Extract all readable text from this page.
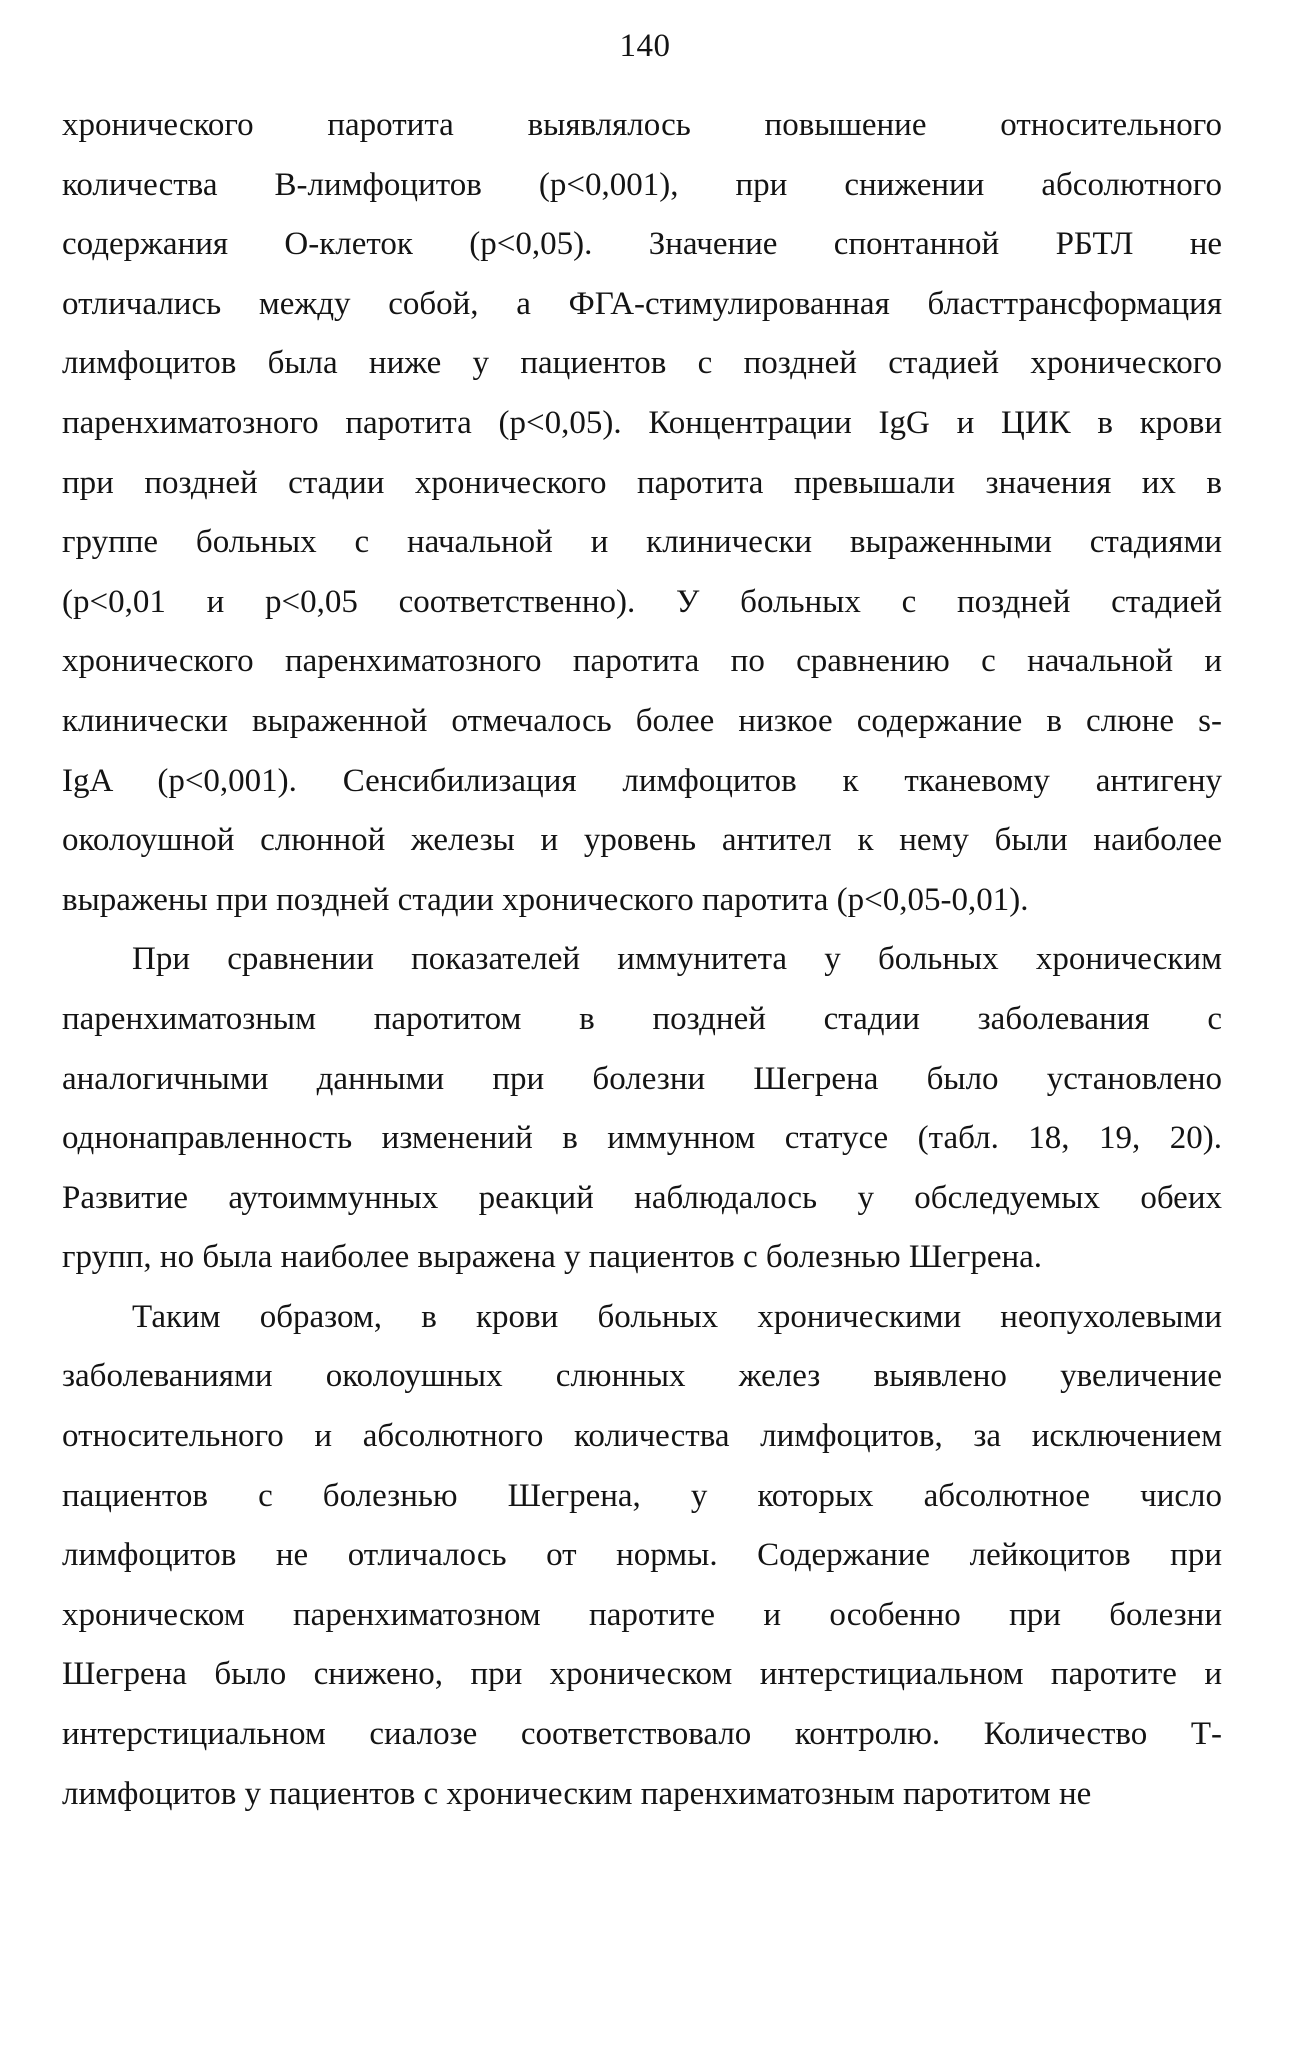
140
хронического паротита выявлялось повышение относительного
количества В-лимфоцитов (р<0,001), при снижении абсолютного
содержания О-клеток (р<0,05). Значение спонтанной РБТЛ не
отличались между собой, а ФГА-стимулированная бласттрансформация
лимфоцитов была ниже у пациентов с поздней стадией хронического
паренхиматозного паротита (р<0,05). Концентрации IgG и ЦИК в крови
при поздней стадии хронического паротита превышали значения их в
группе больных с начальной и клинически выраженными стадиями
(р<0,01 и р<0,05 соответственно). У больных с поздней стадией
хронического паренхиматозного паротита по сравнению с начальной и
клинически выраженной отмечалось более низкое содержание в слюне s-
IgA (p<0,001). Сенсибилизация лимфоцитов к тканевому антигену
околоушной слюнной железы и уровень антител к нему были наиболее
выражены при поздней стадии хронического паротита (р<0,05-0,01).
При сравнении показателей иммунитета у больных хроническим
паренхиматозным паротитом в поздней стадии заболевания с
аналогичными данными при болезни Шегрена было установлено
однонаправленность изменений в иммунном статусе (табл. 18, 19, 20).
Развитие аутоиммунных реакций наблюдалось у обследуемых обеих
групп, но была наиболее выражена у пациентов с болезнью Шегрена.
Таким образом, в крови больных хроническими неопухолевыми
заболеваниями околоушных слюнных желез выявлено увеличение
относительного и абсолютного количества лимфоцитов, за исключением
пациентов с болезнью Шегрена, у которых абсолютное число
лимфоцитов не отличалось от нормы. Содержание лейкоцитов при
хроническом паренхиматозном паротите и особенно при болезни
Шегрена было снижено, при хроническом интерстициальном паротите и
интерстициальном сиалозе соответствовало контролю. Количество Т-
лимфоцитов у пациентов с хроническим паренхиматозным паротитом не
